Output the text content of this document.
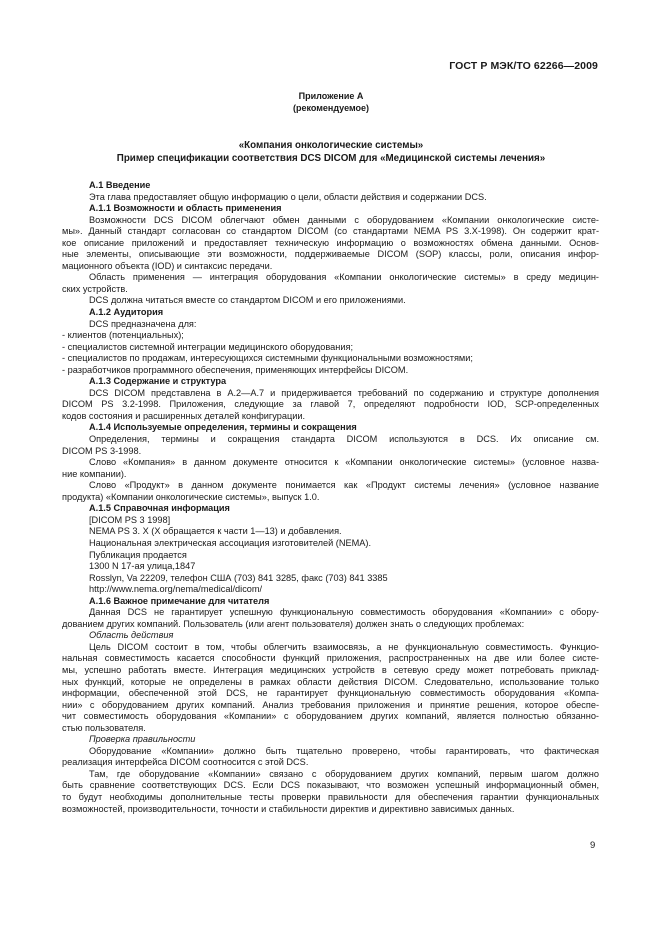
ГОСТ Р МЭК/ТО 62266—2009
Приложение А
(рекомендуемое)
«Компания онкологические системы»
Пример спецификации соответствия DCS DICOM для «Медицинской системы лечения»
A.1 Введение
Эта глава предоставляет общую информацию о цели, области действия и содержании DCS.
A.1.1 Возможности и область применения
Возможности DCS DICOM облегчают обмен данными с оборудованием «Компании онкологические систе-
мы». Данный стандарт согласован со стандартом DICOM (со стандартами NEMA PS 3.X-1998). Он содержит крат-
кое описание приложений и предоставляет техническую информацию о возможностях обмена данными. Основ-
ные элементы, описывающие эти возможности, поддерживаемые DICOM (SOP) классы, роли, описания инфор-
мационного объекта (IOD) и синтаксис передачи.
Область применения — интеграция оборудования «Компании онкологические системы» в среду медицин-
ских устройств.
DCS должна читаться вместе со стандартом DICOM и его приложениями.
A.1.2 Аудитория
DCS предназначена для:
- клиентов (потенциальных);
- специалистов системной интеграции медицинского оборудования;
- специалистов по продажам, интересующихся системными функциональными возможностями;
- разработчиков программного обеспечения, применяющих интерфейсы DICOM.
A.1.3 Содержание и структура
DCS DICOM представлена в А.2—А.7 и придерживается требований по содержанию и структуре дополнения
DICOM PS 3.2-1998. Приложения, следующие за главой 7, определяют подробности IOD, SCP-определенных
кодов состояния и расширенных деталей конфигурации.
A.1.4 Используемые определения, термины и сокращения
Определения, термины и сокращения стандарта DICOM используются в DCS. Их описание см.
DICOM PS 3-1998.
Слово «Компания» в данном документе относится к «Компании онкологические системы» (условное назва-
ние компании).
Слово «Продукт» в данном документе понимается как «Продукт системы лечения» (условное название
продукта) «Компании онкологические системы», выпуск 1.0.
A.1.5 Справочная информация
[DICOM PS 3 1998]
NEMA PS 3. X (X обращается к части 1—13) и добавления.
Национальная электрическая ассоциация изготовителей (NEMA).
Публикация продается
1300 N 17-ая улица,1847
Rosslyn, Va 22209, телефон США (703) 841 3285, факс (703) 841 3385
http://www.nema.org/nema/medical/dicom/
A.1.6 Важное примечание для читателя
Данная DCS не гарантирует успешную функциональную совместимость оборудования «Компании» с обору-
дованием других компаний. Пользователь (или агент пользователя) должен знать о следующих проблемах:
Область действия
Цель DICOM состоит в том, чтобы облегчить взаимосвязь, а не функциональную совместимость. Функцио-
нальная совместимость касается способности функций приложения, распространенных на две или более систе-
мы, успешно работать вместе. Интеграция медицинских устройств в сетевую среду может потребовать приклад-
ных функций, которые не определены в рамках области действия DICOM. Следовательно, использование только
информации, обеспеченной этой DCS, не гарантирует функциональную совместимость оборудования «Компа-
нии» с оборудованием других компаний. Анализ требования приложения и принятие решения, которое обеспе-
чит совместимость оборудования «Компании» с оборудованием других компаний, является полностью обязанно-
стью пользователя.
Проверка правильности
Оборудование «Компании» должно быть тщательно проверено, чтобы гарантировать, что фактическая
реализация интерфейса DICOM соотносится с этой DCS.
Там, где оборудование «Компании» связано с оборудованием других компаний, первым шагом должно
быть сравнение соответствующих DCS. Если DCS показывают, что возможен успешный информационный обмен,
то будут необходимы дополнительные тесты проверки правильности для обеспечения гарантии функциональных
возможностей, производительности, точности и стабильности директив и директивно зависимых данных.
9
